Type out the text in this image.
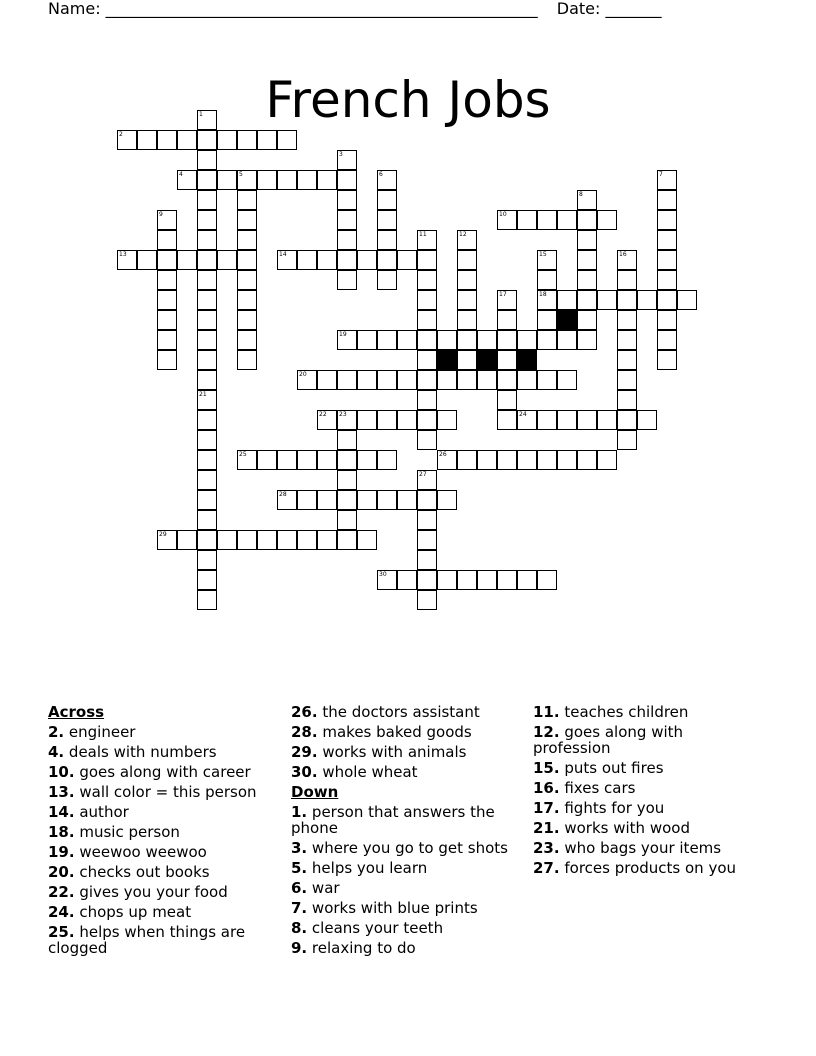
Name: ______________________________________________________ Date: _______
French Jobs
1
21
2
3
4	5	6	7
8
9	10
11	12
13	14	15
18
16
17
19
20
22 23	24
25	26
27
28
29
30
Across
2. engineer
4. deals with numbers
10. goes along with career
13. wall color = this person
14. author
18. music person
19. weewoo weewoo
20. checks out books
22. gives you your food
24. chops up meat
25. helps when things are clogged
26. the doctors assistant
28. makes baked goods
29. works with animals
30. whole wheat
Down
1. person that answers the phone
3. where you go to get shots
5. helps you learn
6. war
7. works with blue prints
8. cleans your teeth
9. relaxing to do
11. teaches children
12. goes along with profession
15. puts out fires
16. fixes cars
17. fights for you
21. works with wood
23. who bags your items
27. forces products on you
